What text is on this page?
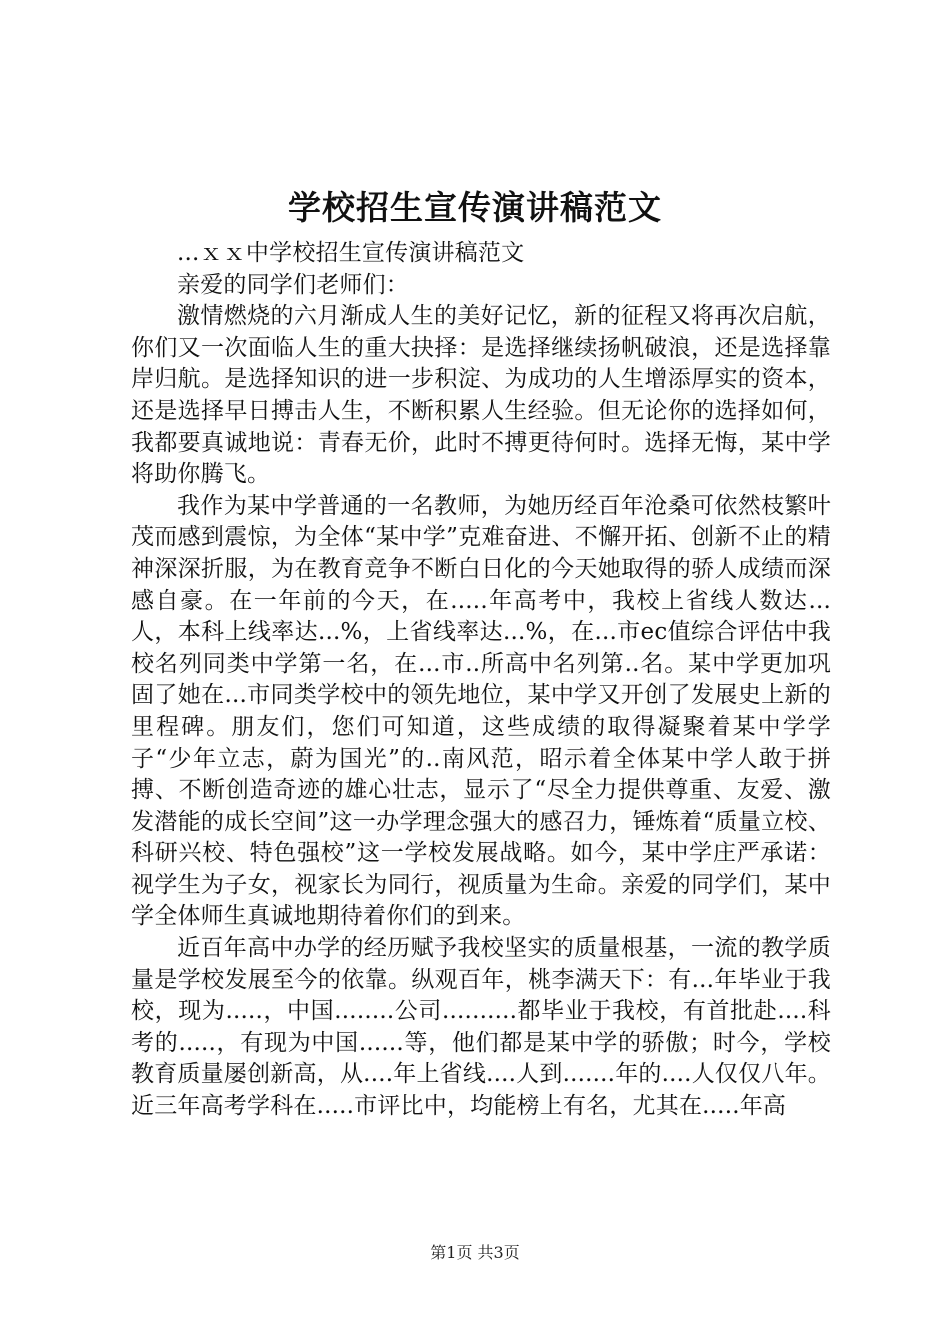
学校招生宣传演讲稿范文

...ｘｘ中学校招生宣传演讲稿范文

亲爱的同学们老师们：

激情燃烧的六月渐成人生的美好记忆，新的征程又将再次启航，你们又一次面临人生的重大抉择：是选择继续扬帆破浪，还是选择靠岸归航。是选择知识的进一步积淀、为成功的人生增添厚实的资本，还是选择早日搏击人生，不断积累人生经验。但无论你的选择如何，我都要真诚地说：青春无价，此时不搏更待何时。选择无悔，某中学将助你腾飞。

我作为某中学普通的一名教师，为她历经百年沧桑可依然枝繁叶茂而感到震惊，为全体“某中学”克难奋进、不懈开拓、创新不止的精神深深折服，为在教育竞争不断白日化的今天她取得的骄人成绩而深感自豪。在一年前的今天，在.....年高考中，我校上省线人数达...人，本科上线率达...%，上省线率达...%，在...市ec值综合评估中我校名列同类中学第一名，在...市..所高中名列第..名。某中学更加巩固了她在...市同类学校中的领先地位，某中学又开创了发展史上新的里程碑。朋友们，您们可知道，这些成绩的取得凝聚着某中学学子“少年立志，蔚为国光”的..南风范，昭示着全体某中学人敢于拼搏、不断创造奇迹的雄心壮志，显示了“尽全力提供尊重、友爱、激发潜能的成长空间”这一办学理念强大的感召力，锤炼着“质量立校、科研兴校、特色强校”这一学校发展战略。如今，某中学庄严承诺：视学生为子女，视家长为同行，视质量为生命。亲爱的同学们，某中学全体师生真诚地期待着你们的到来。

近百年高中办学的经历赋予我校坚实的质量根基，一流的教学质量是学校发展至今的依靠。纵观百年，桃李满天下：有...年毕业于我校，现为.....，中国........公司..........都毕业于我校，有首批赴....科考的.....，有现为中国......等，他们都是某中学的骄傲；时今，学校教育质量屡创新高，从....年上省线....人到.......年的....人仅仅八年。近三年高考学科在.....市评比中，均能榜上有名，尤其在.....年高

第1页 共3页
